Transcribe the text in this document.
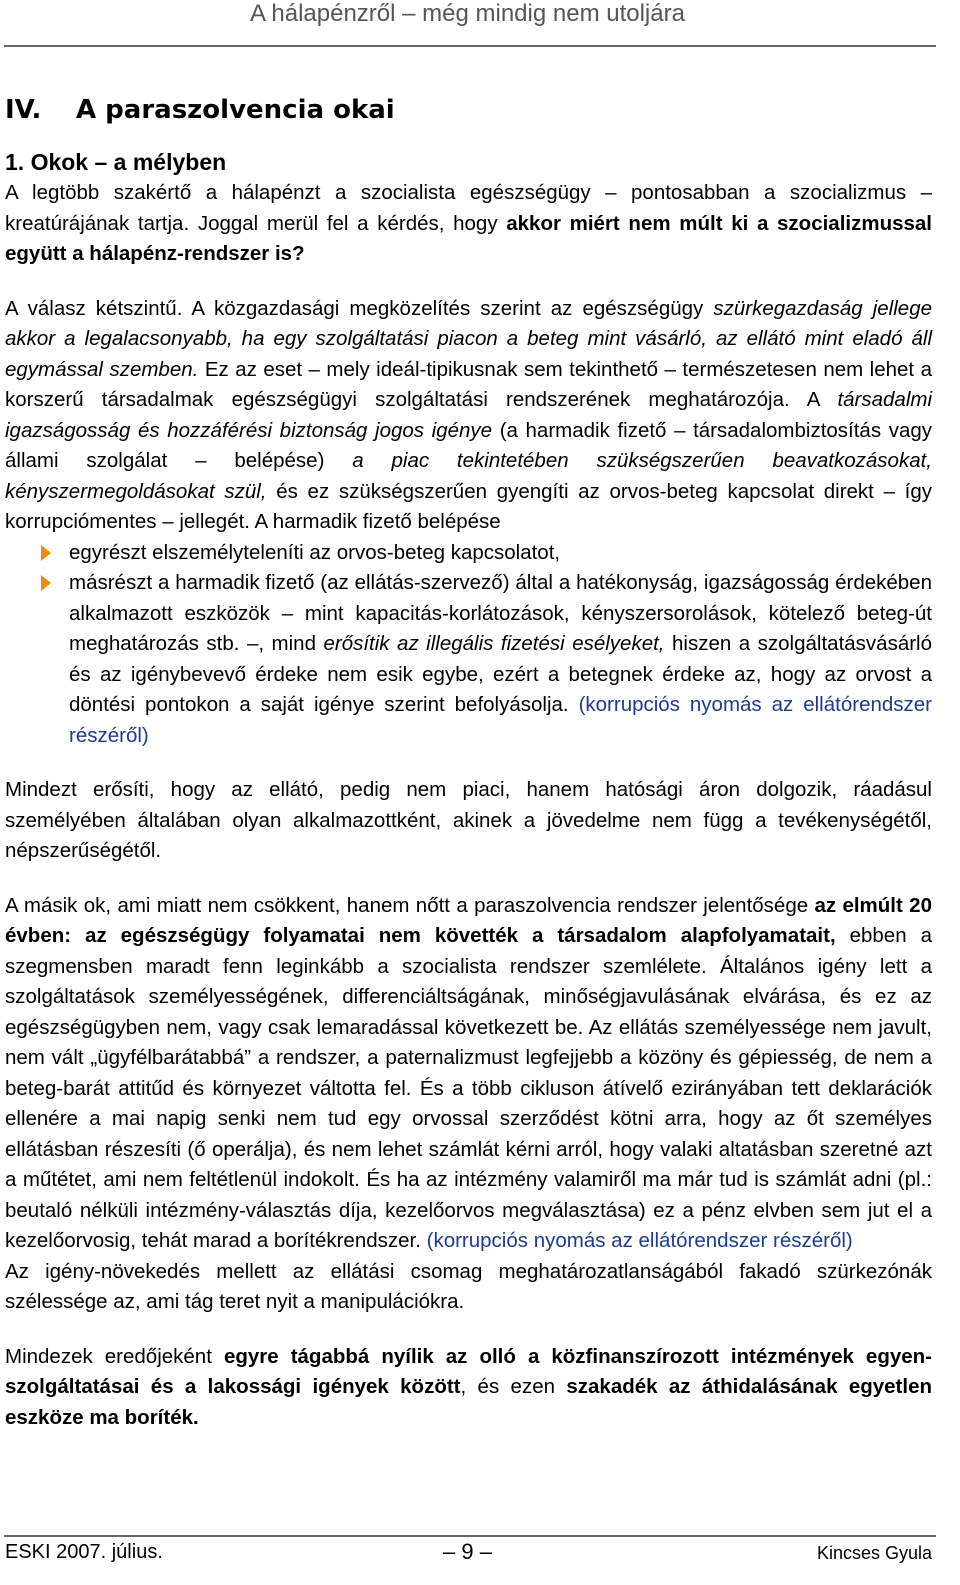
A hálapénzről – még mindig nem utoljára
IV. A paraszolvencia okai
1. Okok – a mélyben

A legtöbb szakértő a hálapénzt a szocialista egészségügy – pontosabban a szocializmus – kreatúrájának tartja. Joggal merül fel a kérdés, hogy akkor miért nem múlt ki a szocializmussal együtt a hálapénz-rendszer is?

A válasz kétszintű. A közgazdasági megközelítés szerint az egészségügy szürkegazdaság jellege akkor a legalacsonyabb, ha egy szolgáltatási piacon a beteg mint vásárló, az ellátó mint eladó áll egymással szemben. Ez az eset – mely ideál-tipikusnak sem tekinthető – természetesen nem lehet a korszerű társadalmak egészségügyi szolgáltatási rendszerének meghatározója. A társadalmi igazságosság és hozzáférési biztonság jogos igénye (a harmadik fizető – társadalombiztosítás vagy állami szolgálat – belépése) a piac tekintetében szükségszerűen beavatkozásokat, kényszermegoldásokat szül, és ez szükségszerűen gyengíti az orvos-beteg kapcsolat direkt – így korrupciómentes – jellegét. A harmadik fizető belépése

egyrészt elszemélyteleníti az orvos-beteg kapcsolatot,
másrészt a harmadik fizető (az ellátás-szervező) által a hatékonyság, igazságosság érdekében alkalmazott eszközök – mint kapacitás-korlátozások, kényszersorolások, kötelező beteg-út meghatározás stb. –, mind erősítik az illegális fizetési esélyeket, hiszen a szolgáltatásvásárló és az igénybevevő érdeke nem esik egybe, ezért a betegnek érdeke az, hogy az orvost a döntési pontokon a saját igénye szerint befolyásolja. (korrupciós nyomás az ellátórendszer részéről)

Mindezt erősíti, hogy az ellátó, pedig nem piaci, hanem hatósági áron dolgozik, ráadásul személyében általában olyan alkalmazottként, akinek a jövedelme nem függ a tevékenységétől, népszerűségétől.

A másik ok, ami miatt nem csökkent, hanem nőtt a paraszolvencia rendszer jelentősége az elmúlt 20 évben: az egészségügy folyamatai nem követték a társadalom alapfolyamatait, ebben a szegmensben maradt fenn leginkább a szocialista rendszer szemlélete. Általános igény lett a szolgáltatások személyességének, differenciáltságának, minőségjavulásának elvárása, és ez az egészségügyben nem, vagy csak lemaradással következett be. Az ellátás személyessége nem javult, nem vált „ügyfélbarátabbá” a rendszer, a paternalizmust legfejjebb a közöny és gépiesség, de nem a beteg-barát attitűd és környezet váltotta fel. És a több cikluson átívelő ezirányában tett deklarációk ellenére a mai napig senki nem tud egy orvossal szerződést kötni arra, hogy az őt személyes ellátásban részesíti (ő operálja), és nem lehet számlát kérni arról, hogy valaki altatásban szeretné azt a műtétet, ami nem feltétlenül indokolt. És ha az intézmény valamiről ma már tud is számlát adni (pl.: beutaló nélküli intézmény-választás díja, kezelőorvos megválasztása) ez a pénz elvben sem jut el a kezelőorvosig, tehát marad a borítékrendszer. (korrupciós nyomás az ellátórendszer részéről)

Az igény-növekedés mellett az ellátási csomag meghatározatlanságából fakadó szürkezónák szélessége az, ami tág teret nyit a manipulációkra.

Mindezek eredőjeként egyre tágabbá nyílik az olló a közfinanszírozott intézmények egyen-szolgáltatásai és a lakossági igények között, és ezen szakadék az áthidalásának egyetlen eszköze ma boríték.

ESKI 2007. július.	– 9 –	Kincses Gyula
